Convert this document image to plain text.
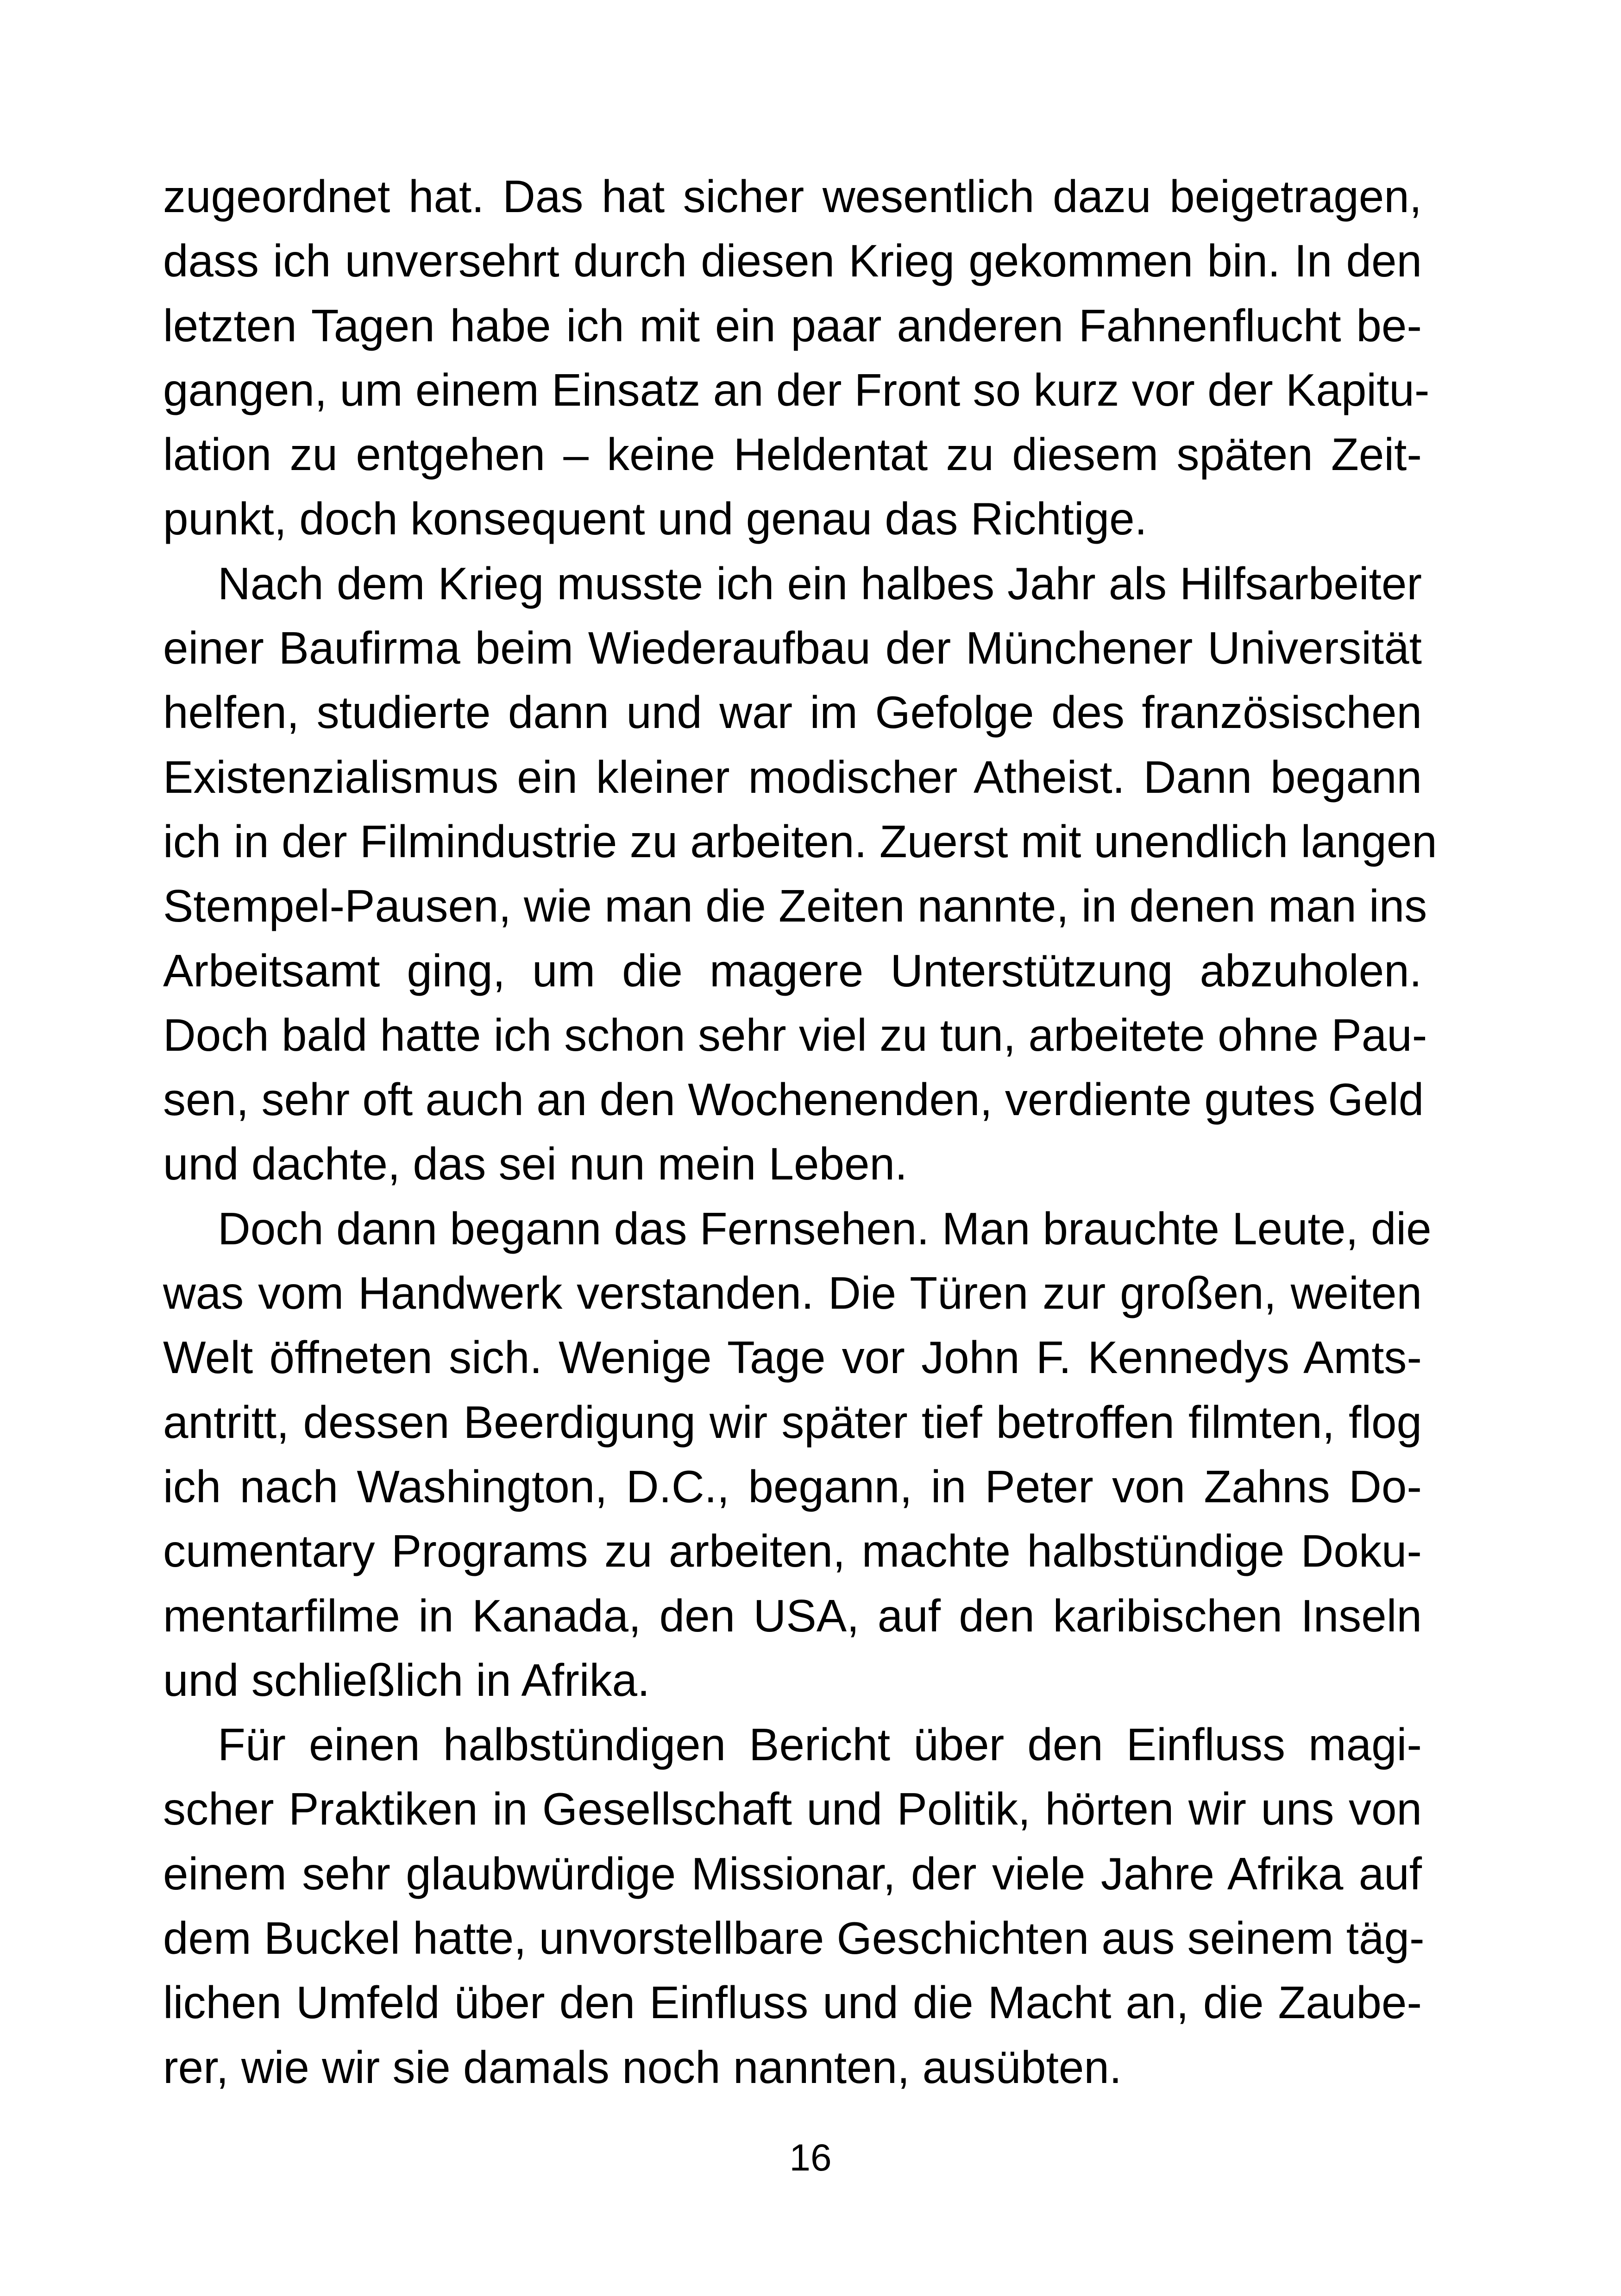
zugeordnet hat. Das hat sicher wesentlich dazu beigetragen,
dass ich unversehrt durch diesen Krieg gekommen bin. In den
letzten Tagen habe ich mit ein paar anderen Fahnenflucht be-
gangen, um einem Einsatz an der Front so kurz vor der Kapitu-
lation zu entgehen – keine Heldentat zu diesem späten Zeit-
punkt, doch konsequent und genau das Richtige.
Nach dem Krieg musste ich ein halbes Jahr als Hilfsarbeiter
einer Baufirma beim Wiederaufbau der Münchener Universität
helfen, studierte dann und war im Gefolge des französischen
Existenzialismus ein kleiner modischer Atheist. Dann begann
ich in der Filmindustrie zu arbeiten. Zuerst mit unendlich langen
Stempel-Pausen, wie man die Zeiten nannte, in denen man ins
Arbeitsamt ging, um die magere Unterstützung abzuholen.
Doch bald hatte ich schon sehr viel zu tun, arbeitete ohne Pau-
sen, sehr oft auch an den Wochenenden, verdiente gutes Geld
und dachte, das sei nun mein Leben.
Doch dann begann das Fernsehen. Man brauchte Leute, die
was vom Handwerk verstanden. Die Türen zur großen, weiten
Welt öffneten sich. Wenige Tage vor John F. Kennedys Amts-
antritt, dessen Beerdigung wir später tief betroffen filmten, flog
ich nach Washington, D.C., begann, in Peter von Zahns Do-
cumentary Programs zu arbeiten, machte halbstündige Doku-
mentarfilme in Kanada, den USA, auf den karibischen Inseln
und schließlich in Afrika.
Für einen halbstündigen Bericht über den Einfluss magi-
scher Praktiken in Gesellschaft und Politik, hörten wir uns von
einem sehr glaubwürdige Missionar, der viele Jahre Afrika auf
dem Buckel hatte, unvorstellbare Geschichten aus seinem täg-
lichen Umfeld über den Einfluss und die Macht an, die Zaube-
rer, wie wir sie damals noch nannten, ausübten.
16
